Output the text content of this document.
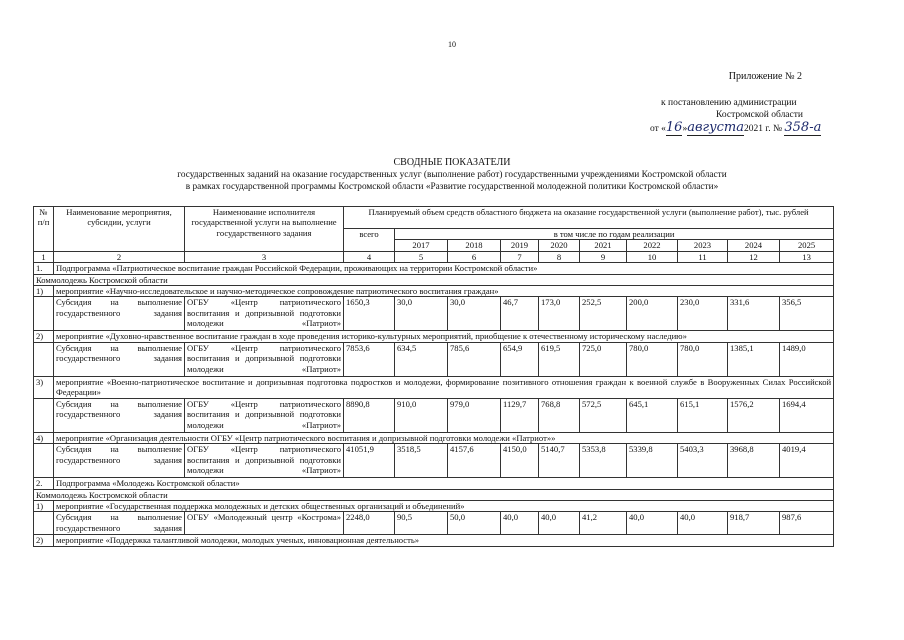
10
Приложение № 2
к постановлению администрации
Костромской области
от «16»августа2021 г. № 358-а
СВОДНЫЕ ПОКАЗАТЕЛИ
государственных заданий на оказание государственных услуг (выполнение работ) государственными учреждениями Костромской области
в рамках государственной программы Костромской области «Развитие государственной молодежной политики Костромской области»
№ п/п	Наименование мероприятия, субсидии, услуги	Наименование исполнителя государственной услуги на выполнение государственного задания	Планируемый объем средств областного бюджета на оказание государственной услуги (выполнение работ), тыс. рублей									
			всего	в том числе по годам реализации								
				2017	2018	2019	2020	2021	2022	2023	2024	2025
1	2	3	4	5	6	7	8	9	10	11	12	13
1.	Подпрограмма «Патриотическое воспитание граждан Российской Федерации, проживающих на территории Костромской области»											
Коммолодежь Костромской области												
1)	мероприятие «Научно-исследовательское и научно-методическое сопровождение патриотического воспитания граждан»											
	Субсидия на выполнение государственного задания	ОГБУ «Центр патриотического воспитания и допризывной подготовки молодежи «Патриот»	1650,3	30,0	30,0	46,7	173,0	252,5	200,0	230,0	331,6	356,5
2)	мероприятие «Духовно-нравственное воспитание граждан в ходе проведения историко-культурных мероприятий, приобщение к отечественному историческому наследию»											
	Субсидия на выполнение государственного задания	ОГБУ «Центр патриотического воспитания и допризывной подготовки молодежи «Патриот»	7853,6	634,5	785,6	654,9	619,5	725,0	780,0	780,0	1385,1	1489,0
3)	мероприятие «Военно-патриотическое воспитание и допризывная подготовка подростков и молодежи, формирование позитивного отношения граждан к военной службе в Вооруженных Силах Российской Федерации»											
	Субсидия на выполнение государственного задания	ОГБУ «Центр патриотического воспитания и допризывной подготовки молодежи «Патриот»	8890,8	910,0	979,0	1129,7	768,8	572,5	645,1	615,1	1576,2	1694,4
4)	мероприятие «Организация деятельности ОГБУ «Центр патриотического воспитания и допризывной подготовки молодежи «Патриот»»											
	Субсидия на выполнение государственного задания	ОГБУ «Центр патриотического воспитания и допризывной подготовки молодежи «Патриот»	41051,9	3518,5	4157,6	4150,0	5140,7	5353,8	5339,8	5403,3	3968,8	4019,4
2.	Подпрограмма «Молодежь Костромской области»											
Коммолодежь Костромской области												
1)	мероприятие «Государственная поддержка молодежных и детских общественных организаций и объединений»											
	Субсидия на выполнение государственного задания	ОГБУ «Молодежный центр «Кострома»	2248,0	90,5	50,0	40,0	40,0	41,2	40,0	40,0	918,7	987,6
2)	мероприятие «Поддержка талантливой молодежи, молодых ученых, инновационная деятельность»											
